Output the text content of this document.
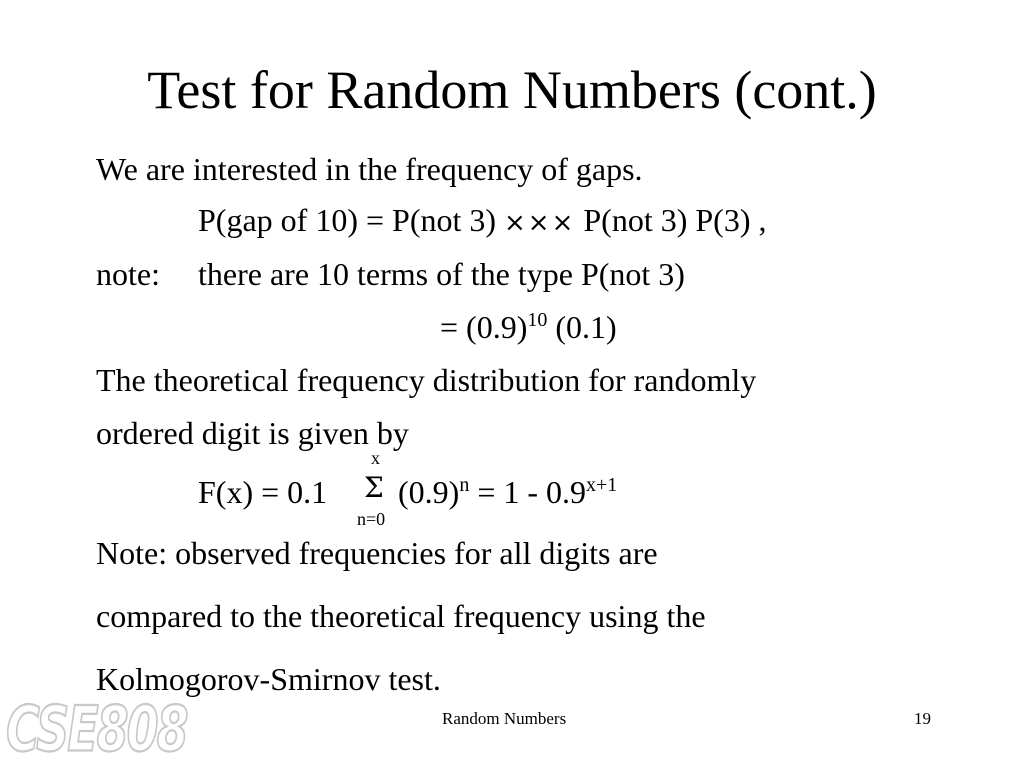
Test for Random Numbers (cont.)
We are interested in the frequency of gaps.
P(gap of 10) = P(not 3) ××× P(not 3) P(3) ,
note: there are 10 terms of the type P(not 3)
= $(0.9)^{10}$ (0.1)
The theoretical frequency distribution for randomly
ordered digit is given by
F(x) = 0.1
x
Σ
n=0
$(0.9)^n = 1 - 0.9^{x+1}$
Note: observed frequencies for all digits are
compared to the theoretical frequency using the
Kolmogorov-Smirnov test.
CSE808	Random Numbers	19
